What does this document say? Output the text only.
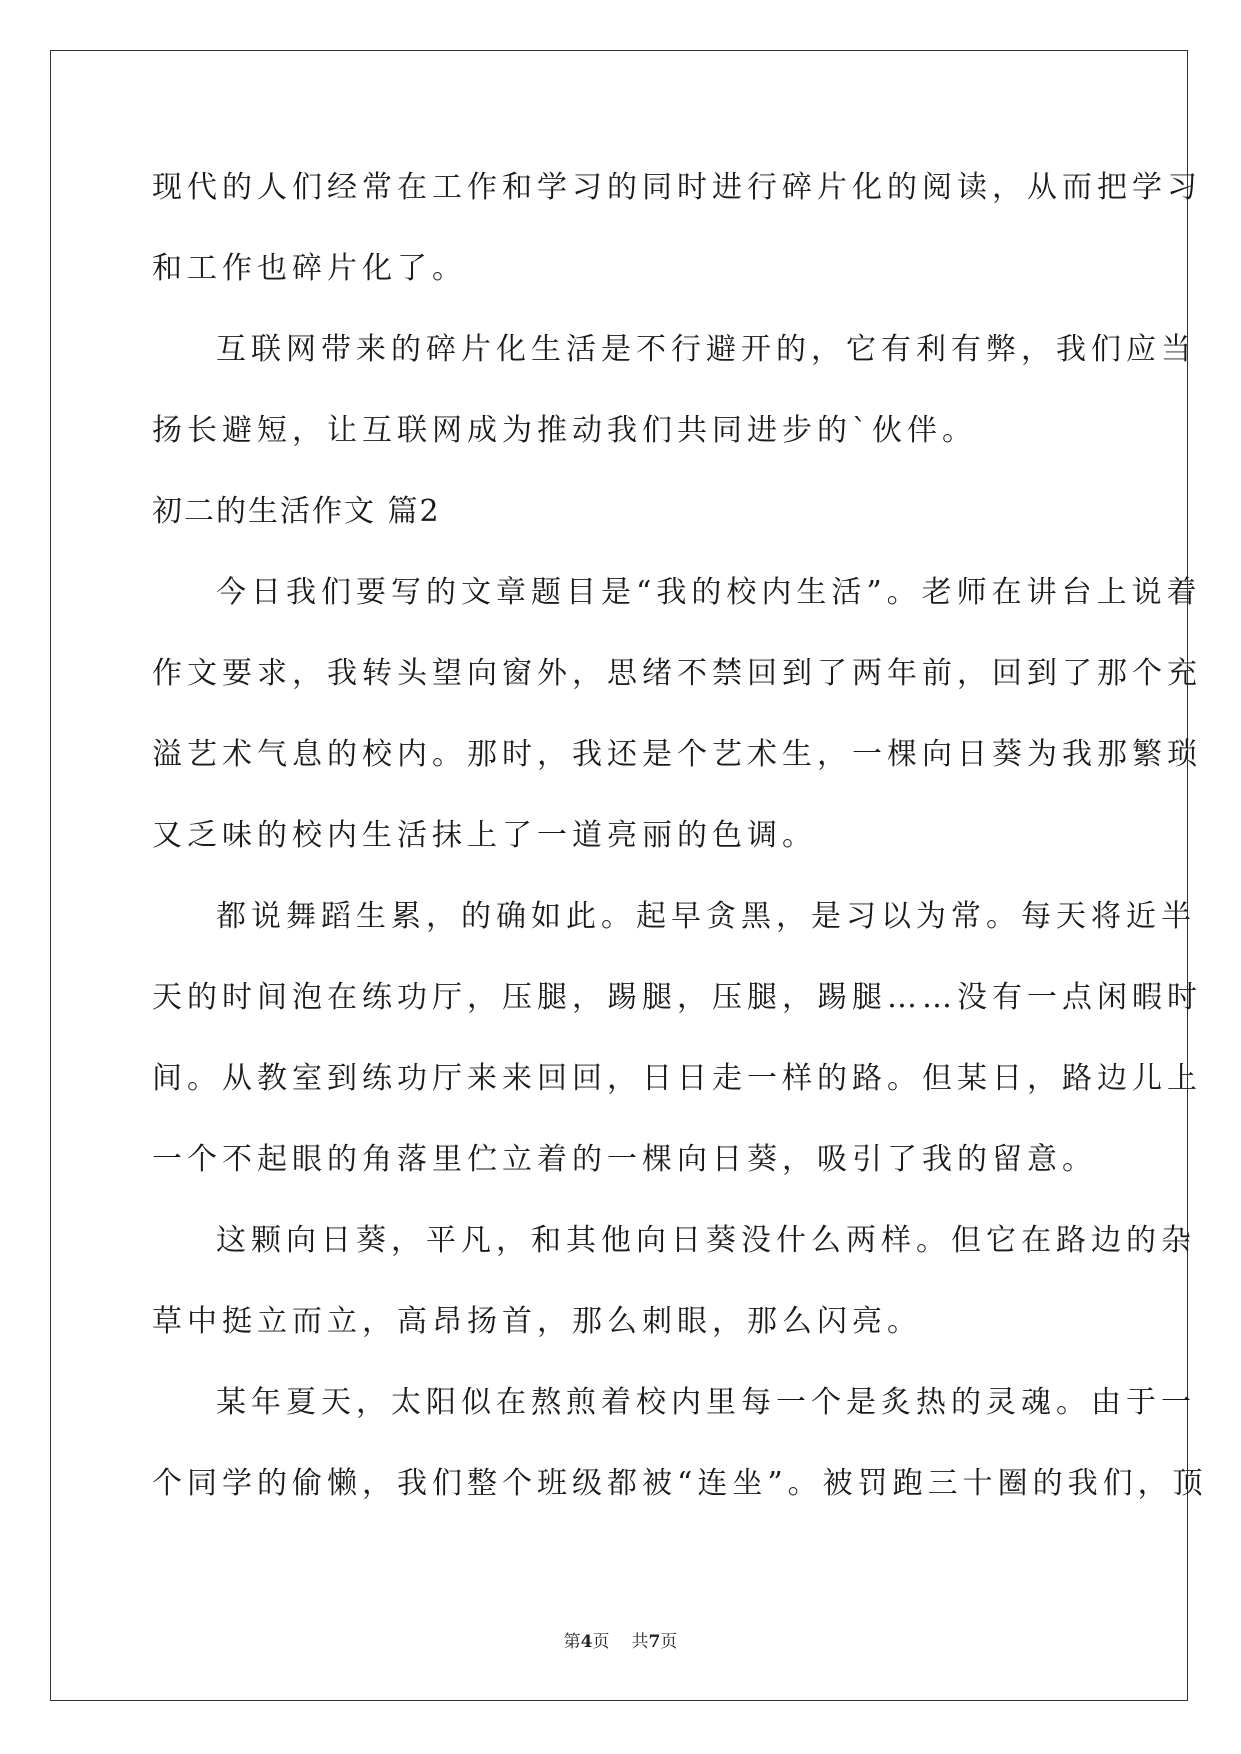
现代的人们经常在工作和学习的同时进行碎片化的阅读，从而把学习
和工作也碎片化了。
互联网带来的碎片化生活是不行避开的，它有利有弊，我们应当
扬长避短，让互联网成为推动我们共同进步的`伙伴。
初二的生活作文 篇2
今日我们要写的文章题目是“我的校内生活”。老师在讲台上说着
作文要求，我转头望向窗外，思绪不禁回到了两年前，回到了那个充
溢艺术气息的校内。那时，我还是个艺术生，一棵向日葵为我那繁琐
又乏味的校内生活抹上了一道亮丽的色调。
都说舞蹈生累，的确如此。起早贪黑，是习以为常。每天将近半
天的时间泡在练功厅，压腿，踢腿，压腿，踢腿……没有一点闲暇时
间。从教室到练功厅来来回回，日日走一样的路。但某日，路边儿上
一个不起眼的角落里伫立着的一棵向日葵，吸引了我的留意。
这颗向日葵，平凡，和其他向日葵没什么两样。但它在路边的杂
草中挺立而立，高昂扬首，那么刺眼，那么闪亮。
某年夏天，太阳似在熬煎着校内里每一个是炙热的灵魂。由于一
个同学的偷懒，我们整个班级都被“连坐”。被罚跑三十圈的我们，顶
第4页 共7页
